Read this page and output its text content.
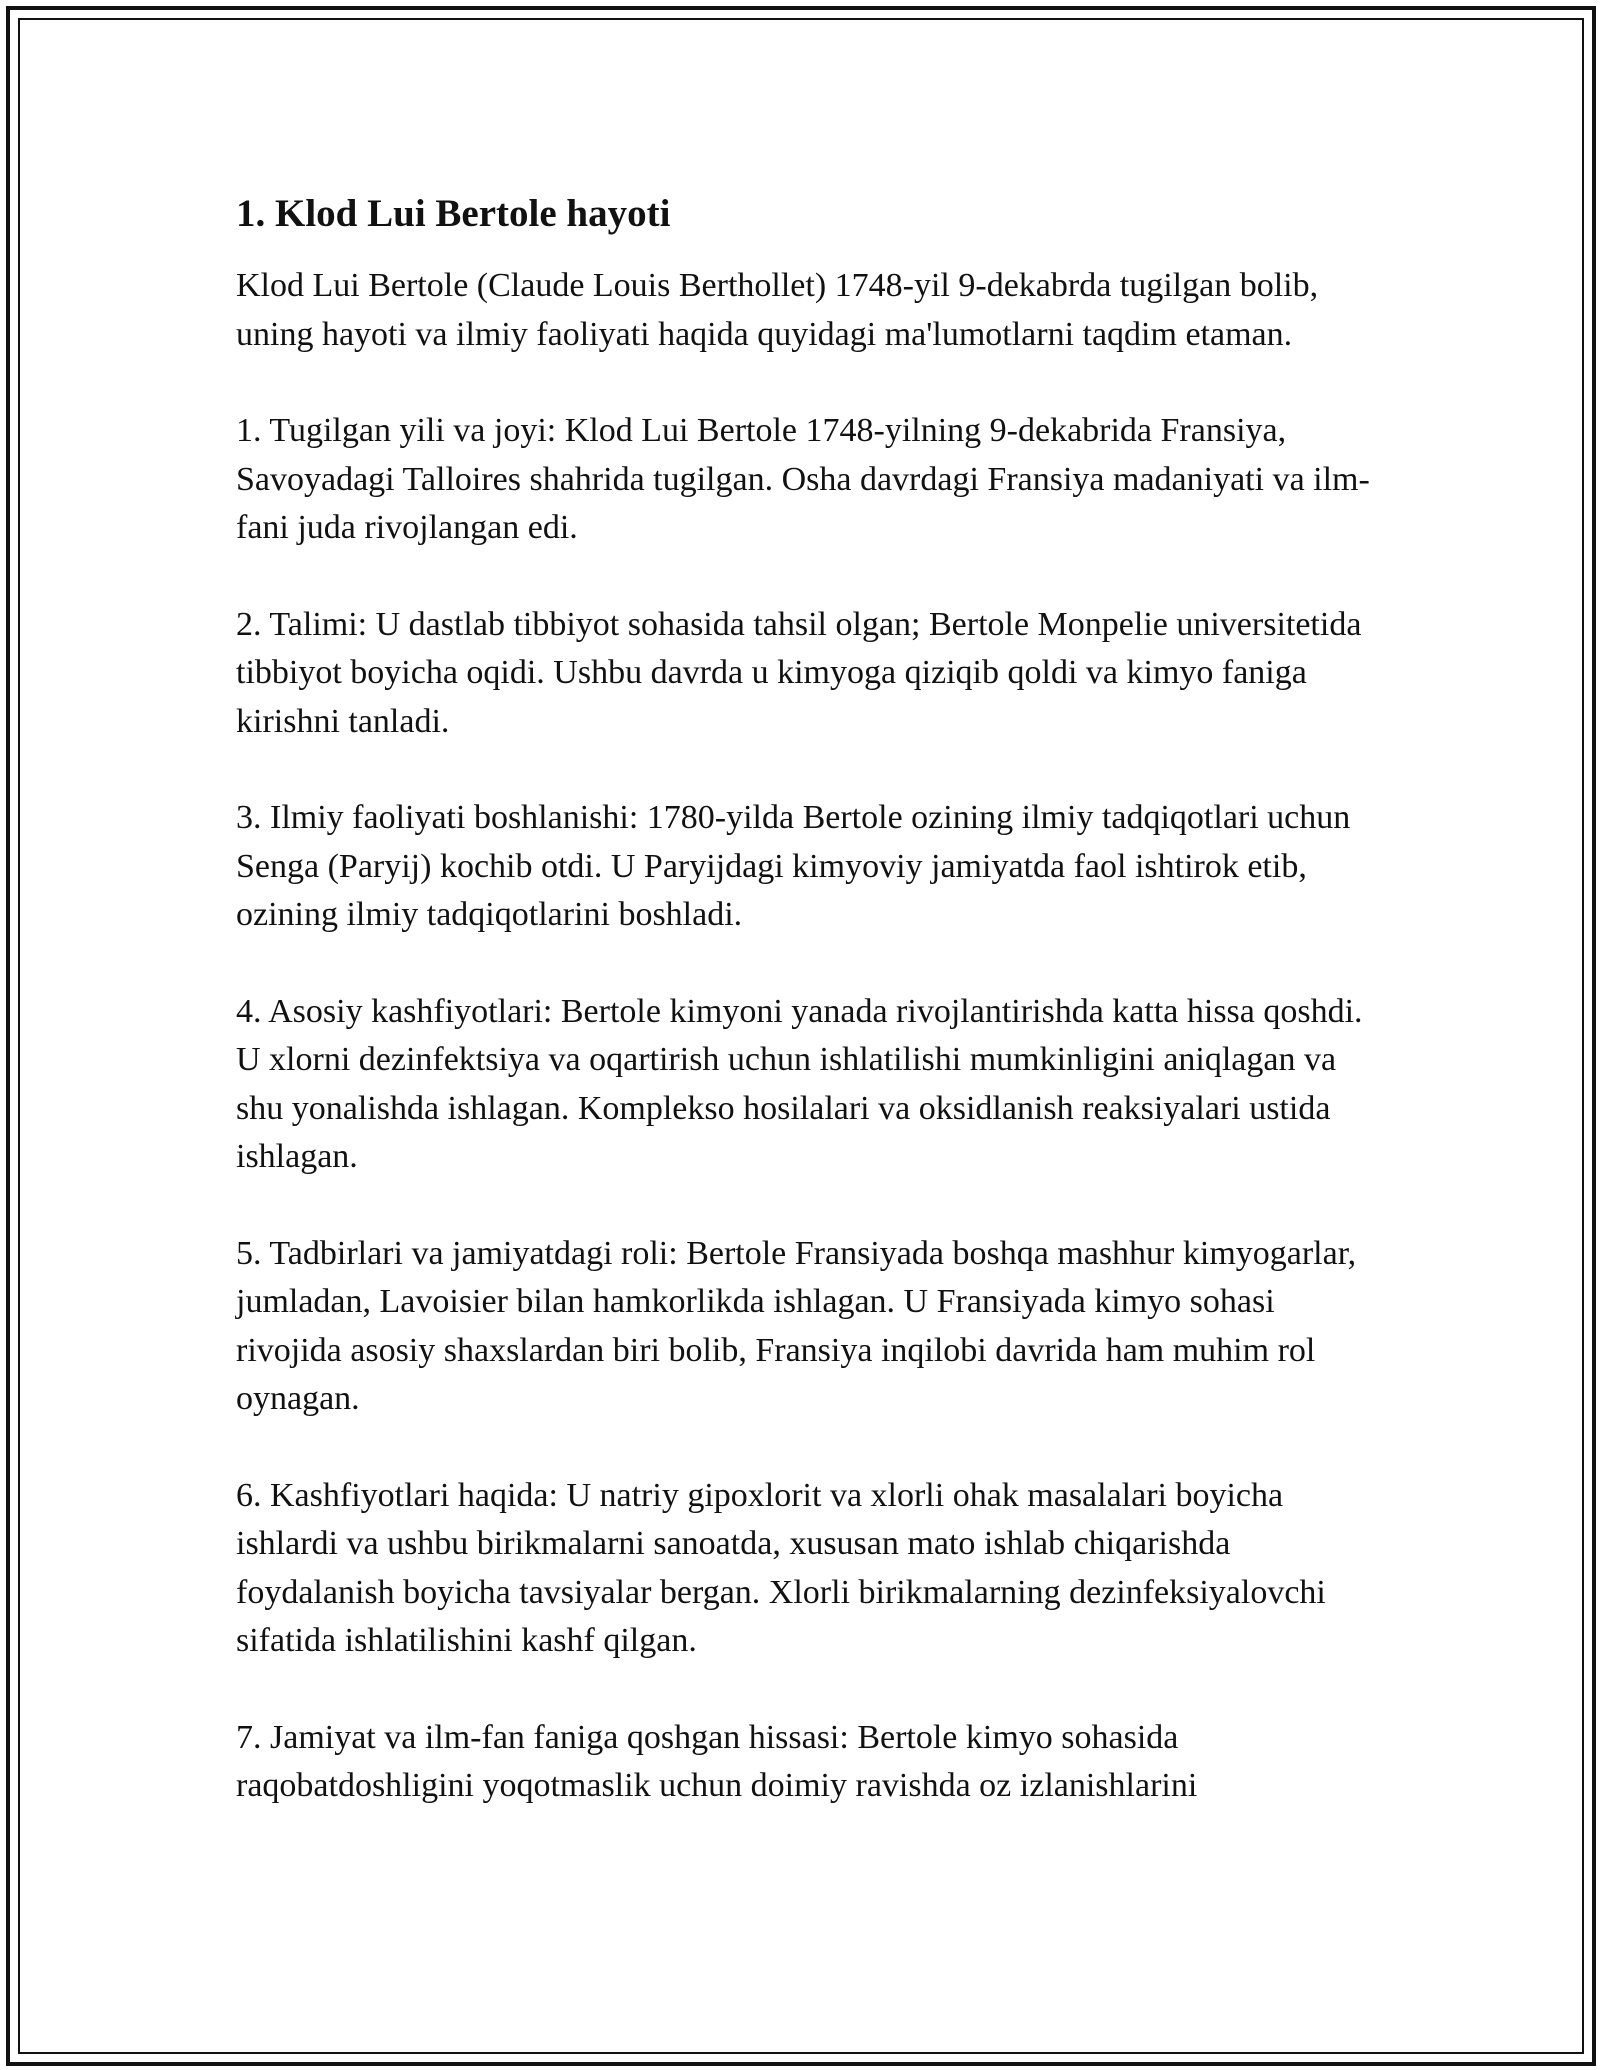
1. Klod Lui Bertole hayoti

Klod Lui Bertole (Claude Louis Berthollet) 1748-yil 9-dekabrda tugilgan bolib, uning hayoti va ilmiy faoliyati haqida quyidagi ma'lumotlarni taqdim etaman.

1. Tugilgan yili va joyi: Klod Lui Bertole 1748-yilning 9-dekabrida Fransiya, Savoyadagi Talloires shahrida tugilgan. Osha davrdagi Fransiya madaniyati va ilm-fani juda rivojlangan edi.

2. Talimi: U dastlab tibbiyot sohasida tahsil olgan; Bertole Monpelie universitetida tibbiyot boyicha oqidi. Ushbu davrda u kimyoga qiziqib qoldi va kimyo faniga kirishni tanladi.

3. Ilmiy faoliyati boshlanishi: 1780-yilda Bertole ozining ilmiy tadqiqotlari uchun Senga (Paryij) kochib otdi. U Paryijdagi kimyoviy jamiyatda faol ishtirok etib, ozining ilmiy tadqiqotlarini boshladi.

4. Asosiy kashfiyotlari: Bertole kimyoni yanada rivojlantirishda katta hissa qoshdi. U xlorni dezinfektsiya va oqartirish uchun ishlatilishi mumkinligini aniqlagan va shu yonalishda ishlagan. Komplekso hosilalari va oksidlanish reaksiyalari ustida ishlagan.

5. Tadbirlari va jamiyatdagi roli: Bertole Fransiyada boshqa mashhur kimyogarlar, jumladan, Lavoisier bilan hamkorlikda ishlagan. U Fransiyada kimyo sohasi rivojida asosiy shaxslardan biri bolib, Fransiya inqilobi davrida ham muhim rol oynagan.

6. Kashfiyotlari haqida: U natriy gipoxlorit va xlorli ohak masalalari boyicha ishlardi va ushbu birikmalarni sanoatda, xususan mato ishlab chiqarishda foydalanish boyicha tavsiyalar bergan. Xlorli birikmalarning dezinfeksiyalovchi sifatida ishlatilishini kashf qilgan.

7. Jamiyat va ilm-fan faniga qoshgan hissasi: Bertole kimyo sohasida raqobatdoshligini yoqotmaslik uchun doimiy ravishda oz izlanishlarini
